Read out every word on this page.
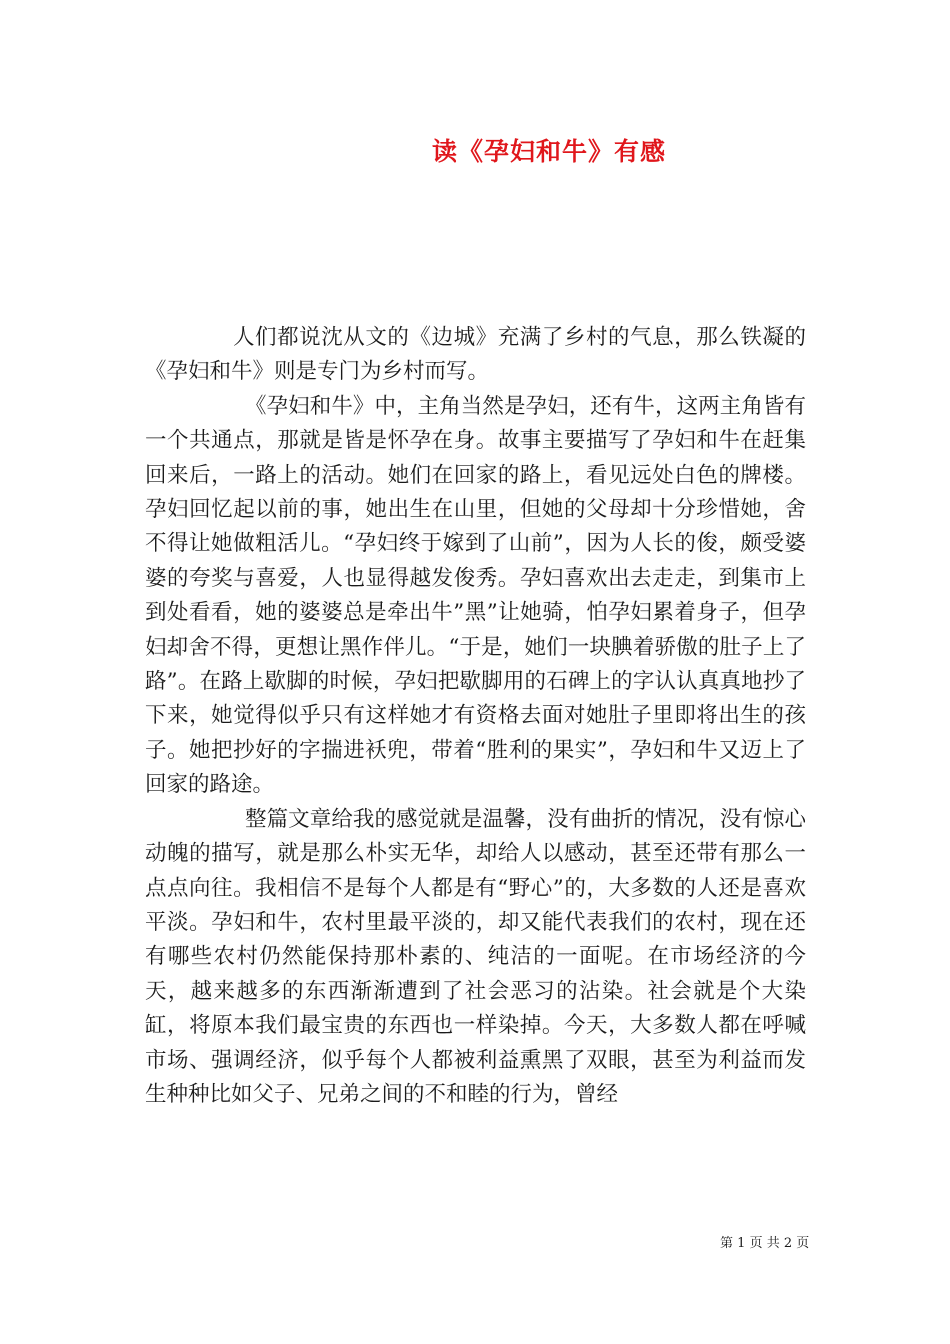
读《孕妇和牛》有感

人们都说沈从文的《边城》充满了乡村的气息，那么铁凝的《孕妇和牛》则是专门为乡村而写。

《孕妇和牛》中，主角当然是孕妇，还有牛，这两主角皆有一个共通点，那就是皆是怀孕在身。故事主要描写了孕妇和牛在赶集回来后，一路上的活动。她们在回家的路上，看见远处白色的牌楼。孕妇回忆起以前的事，她出生在山里，但她的父母却十分珍惜她，舍不得让她做粗活儿。“孕妇终于嫁到了山前”，因为人长的俊，颇受婆婆的夸奖与喜爱，人也显得越发俊秀。孕妇喜欢出去走走，到集市上到处看看，她的婆婆总是牵出牛”黑”让她骑，怕孕妇累着身子，但孕妇却舍不得，更想让黑作伴儿。“于是，她们一块腆着骄傲的肚子上了路”。在路上歇脚的时候，孕妇把歇脚用的石碑上的字认认真真地抄了下来，她觉得似乎只有这样她才有资格去面对她肚子里即将出生的孩子。她把抄好的字揣进袄兜，带着“胜利的果实”，孕妇和牛又迈上了回家的路途。

整篇文章给我的感觉就是温馨，没有曲折的情况，没有惊心动魄的描写，就是那么朴实无华，却给人以感动，甚至还带有那么一点点向往。我相信不是每个人都是有“野心”的，大多数的人还是喜欢平淡。孕妇和牛，农村里最平淡的，却又能代表我们的农村，现在还有哪些农村仍然能保持那朴素的、纯洁的一面呢。在市场经济的今天，越来越多的东西渐渐遭到了社会恶习的沾染。社会就是个大染缸，将原本我们最宝贵的东西也一样染掉。今天，大多数人都在呼喊市场、强调经济，似乎每个人都被利益熏黑了双眼，甚至为利益而发生种种比如父子、兄弟之间的不和睦的行为，曾经

第 1 页 共 2 页
